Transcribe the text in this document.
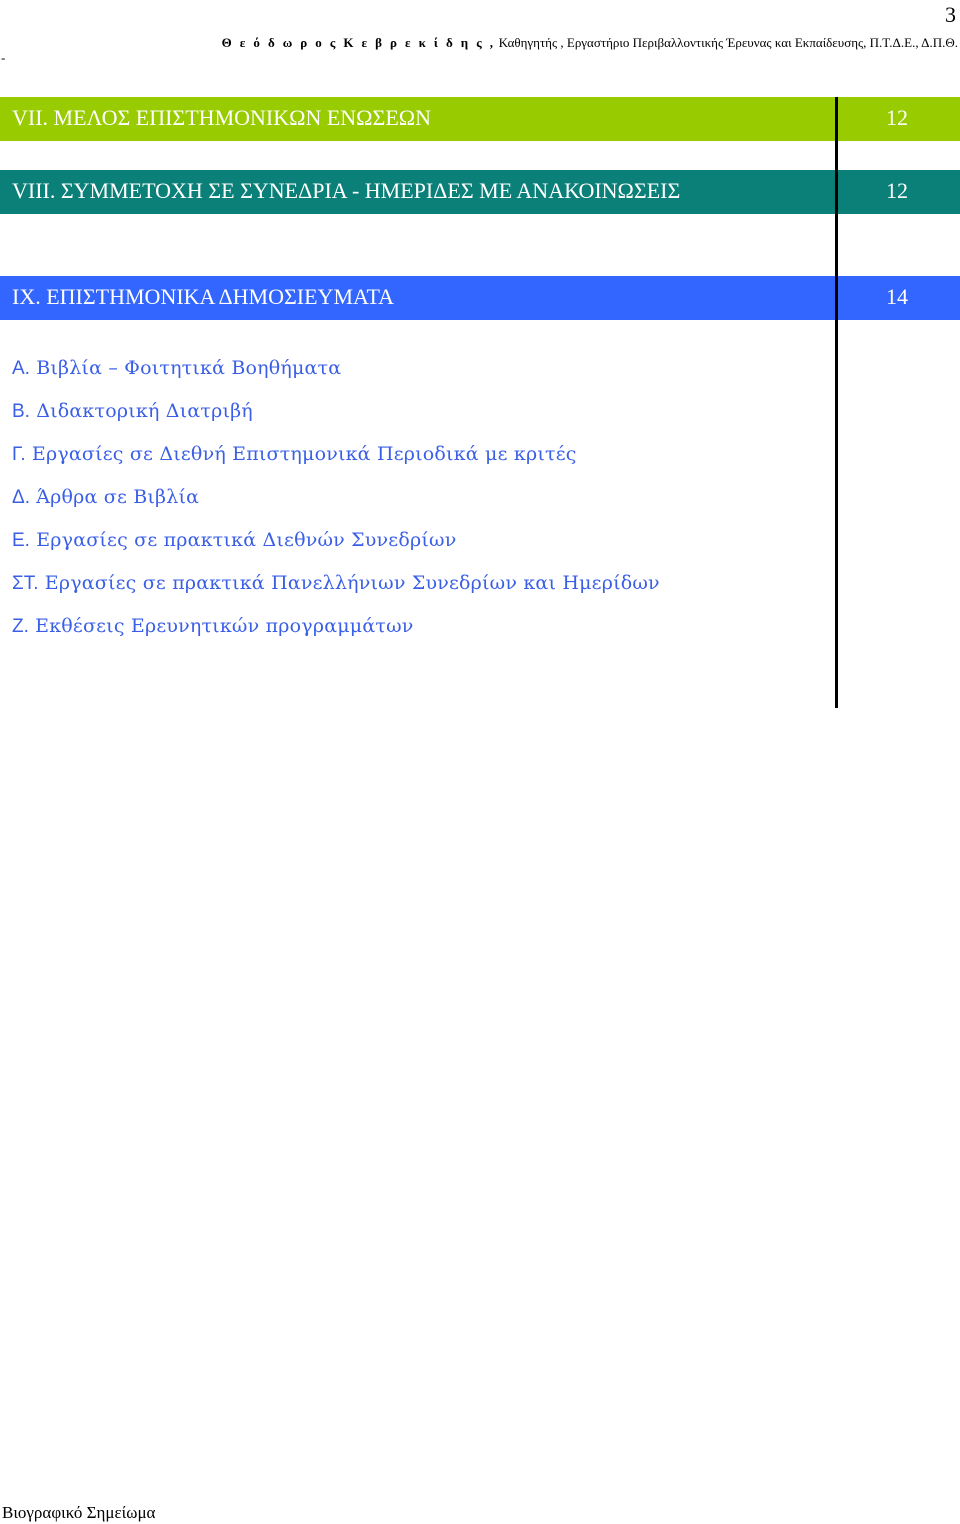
3
Θ ε ό δ ω ρ ο ς Κ ε β ρ ε κ ί δ η ς , Καθηγητής , Εργαστήριο Περιβαλλοντικής Έρευνας και Εκπαίδευσης, Π.Τ.Δ.Ε., Δ.Π.Θ.
-
VII. ΜΕΛΟΣ ΕΠΙΣΤΗΜΟΝΙΚΩΝ ΕΝΩΣΕΩΝ	12
VIII. ΣΥΜΜΕΤΟΧΗ ΣΕ ΣΥΝΕΔΡΙΑ - ΗΜΕΡΙΔΕΣ ΜΕ ΑΝΑΚΟΙΝΩΣΕΙΣ	12
IX. ΕΠΙΣΤΗΜΟΝΙΚΑ ΔΗΜΟΣΙΕΥΜΑΤΑ	14
Α. Βιβλία – Φοιτητικά Βοηθήματα
Β. Διδακτορική Διατριβή
Γ. Εργασίες σε Διεθνή Επιστημονικά Περιοδικά με κριτές
Δ. Άρθρα σε Βιβλία
Ε. Εργασίες σε πρακτικά Διεθνών Συνεδρίων
ΣΤ. Εργασίες σε πρακτικά Πανελλήνιων Συνεδρίων και Ημερίδων
Ζ. Εκθέσεις Ερευνητικών προγραμμάτων
Βιογραφικό Σημείωμα
